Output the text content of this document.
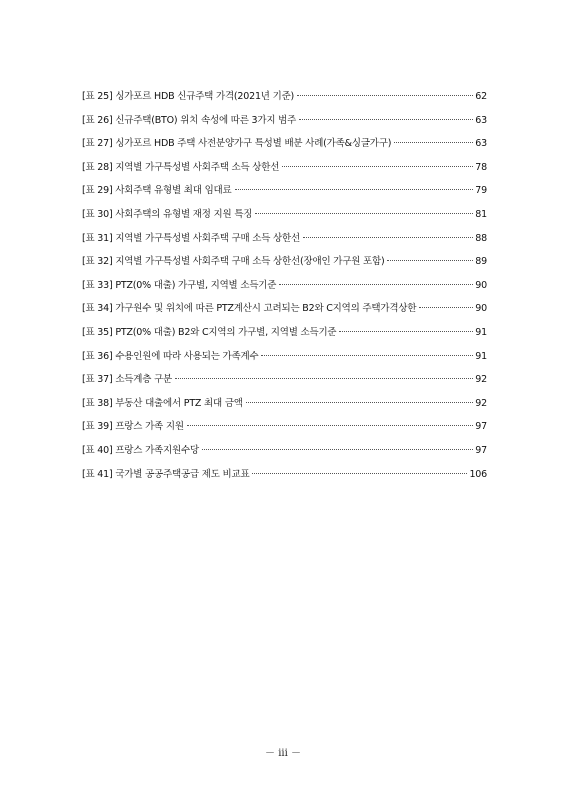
[표 25] 싱가포르 HDB 신규주택 가격(2021년 기준)	62
[표 26] 신규주택(BTO) 위치 속성에 따른 3가지 범주	63
[표 27] 싱가포르 HDB 주택 사전분양가구 특성별 배분 사례(가족&싱글가구)	63
[표 28] 지역별 가구특성별 사회주택 소득 상한선	78
[표 29] 사회주택 유형별 최대 임대료	79
[표 30] 사회주택의 유형별 재정 지원 특징	81
[표 31] 지역별 가구특성별 사회주택 구매 소득 상한선	88
[표 32] 지역별 가구특성별 사회주택 구매 소득 상한선(장애인 가구원 포함)	89
[표 33] PTZ(0% 대출) 가구별, 지역별 소득기준	90
[표 34] 가구원수 및 위치에 따른 PTZ계산시 고려되는 B2와 C지역의 주택가격상한	90
[표 35] PTZ(0% 대출) B2와 C지역의 가구별, 지역별 소득기준	91
[표 36] 수용인원에 따라 사용되는 가족계수	91
[표 37] 소득계층 구분	92
[표 38] 부동산 대출에서 PTZ 최대 금액	92
[표 39] 프랑스 가족 지원	97
[표 40] 프랑스 가족지원수당	97
[표 41] 국가별 공공주택공급 제도 비교표	106
－ iii －
